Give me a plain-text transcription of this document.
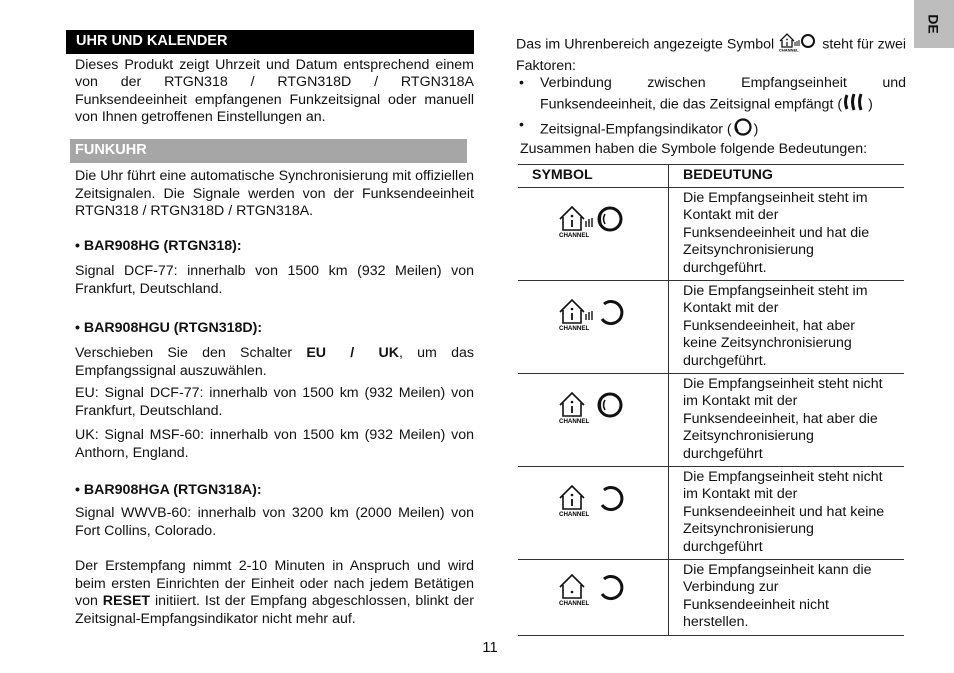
DE
UHR UND KALENDER

Dieses Produkt zeigt Uhrzeit und Datum entsprechend einem von der RTGN318 / RTGN318D / RTGN318A Funksendeeinheit empfangenen Funkzeitsignal oder manuell von Ihnen getroffenen Einstellungen an.

FUNKUHR

Die Uhr führt eine automatische Synchronisierung mit offiziellen Zeitsignalen. Die Signale werden von der Funksendeeinheit RTGN318 / RTGN318D / RTGN318A.

• BAR908HG (RTGN318):

Signal DCF-77: innerhalb von 1500 km (932 Meilen) von Frankfurt, Deutschland.

• BAR908HGU (RTGN318D):

Verschieben Sie den Schalter EU / UK, um das Empfangssignal auszuwählen.

EU: Signal DCF-77: innerhalb von 1500 km (932 Meilen) von Frankfurt, Deutschland.

UK: Signal MSF-60: innerhalb von 1500 km (932 Meilen) von Anthorn, England.

• BAR908HGA (RTGN318A):

Signal WWVB-60: innerhalb von 3200 km (2000 Meilen) von Fort Collins, Colorado.

Der Erstempfang nimmt 2-10 Minuten in Anspruch und wird beim ersten Einrichten der Einheit oder nach jedem Betätigen von RESET initiiert. Ist der Empfang abgeschlossen, blinkt der Zeitsignal-Empfangsindikator nicht mehr auf.

Das im Uhrenbereich angezeigte Symbol CHANNEL steht für zwei Faktoren:

• Verbindung zwischen Empfangseinheit und Funksendeeinheit, die das Zeitsignal empfängt ( )

• Zeitsignal-Empfangsindikator ( )

Zusammen haben die Symbole folgende Bedeutungen:

SYMBOL	BEDEUTUNG

CHANNEL	Die Empfangseinheit steht im Kontakt mit der Funksendeeinheit und hat die Zeitsynchronisierung durchgeführt.

CHANNEL	Die Empfangseinheit steht im Kontakt mit der Funksendeeinheit, hat aber keine Zeitsynchronisierung durchgeführt.

CHANNEL	Die Empfangseinheit steht nicht im Kontakt mit der Funksendeeinheit, hat aber die Zeitsynchronisierung durchgeführt

CHANNEL	Die Empfangseinheit steht nicht im Kontakt mit der Funksendeeinheit und hat keine Zeitsynchronisierung durchgeführt

CHANNEL	Die Empfangseinheit kann die Verbindung zur Funksendeeinheit nicht herstellen.
11
